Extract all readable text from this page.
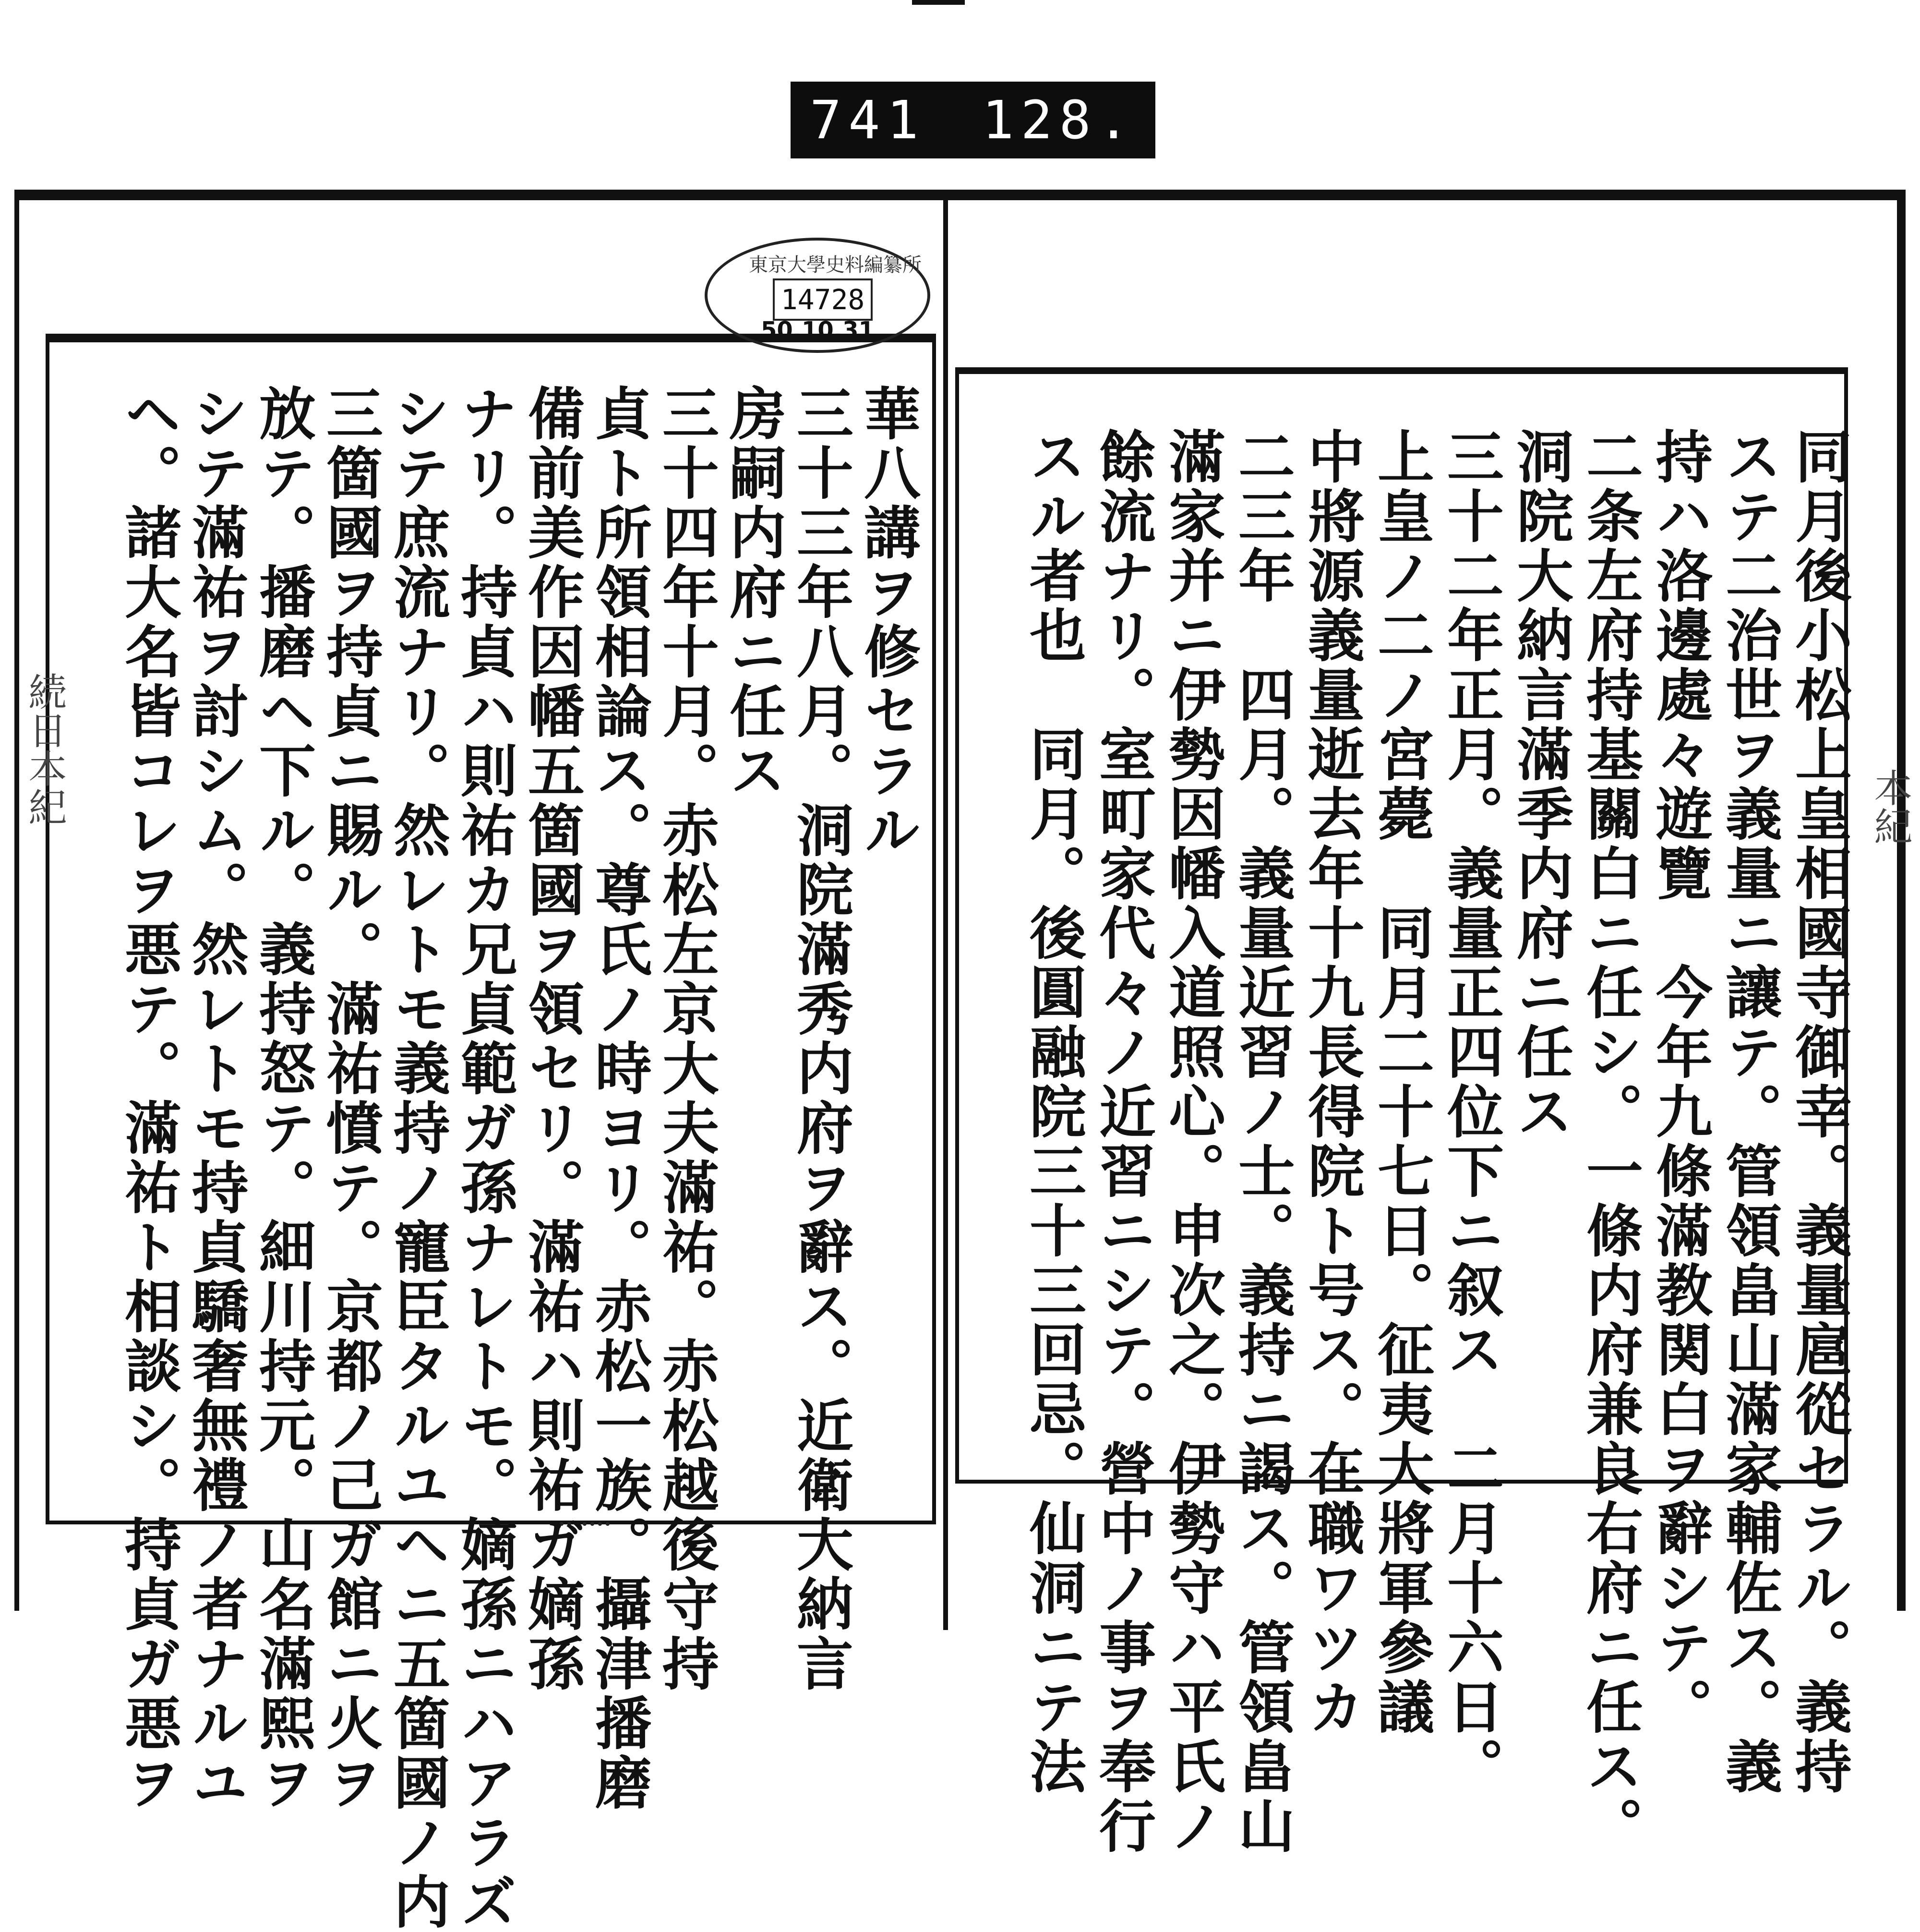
741 128.
東京大學史料編纂所
14728
50.10.31
同月後小松上皇相國寺御幸。義量扈從セラル。義持
ステ二治世ヲ義量ニ讓テ。管領畠山滿家輔佐ス。義
持ハ洛邊處々遊覽　今年九條滿教関白ヲ辭シテ。
二条左府持基關白ニ任シ。一條内府兼良右府ニ任ス。
洞院大納言滿季内府ニ任ス
三十二年正月。義量正四位下ニ叙ス　二月十六日。
上皇ノ二ノ宮薨　同月二十七日。征夷大將軍參議
中將源義量逝去年十九長得院ト号ス。在職ワツカ
二三年　四月。義量近習ノ士。義持ニ謁ス。管領畠山
滿家并ニ伊勢因幡入道照心。申次之。伊勢守ハ平氏ノ
餘流ナリ。室町家代々ノ近習ニシテ。營中ノ事ヲ奉行
スル者也　同月。後圓融院三十三回忌。仙洞ニテ法
華八講ヲ修セラル
三十三年八月。洞院滿秀内府ヲ辭ス。近衛大納言
房嗣内府ニ任ス
三十四年十月。赤松左京大夫滿祐。赤松越後守持
貞ト所領相論ス。尊氏ノ時ヨリ。赤松一族。攝津播磨
備前美作因幡五箇國ヲ領セリ。滿祐ハ則祐ガ嫡孫
ナリ。持貞ハ則祐カ兄貞範ガ孫ナレトモ。嫡孫ニハアラズ
シテ庶流ナリ。然レトモ義持ノ寵臣タルユヘニ五箇國ノ内
三箇國ヲ持貞ニ賜ル。滿祐憤テ。京都ノ己ガ館ニ火ヲ
放テ。播磨ヘ下ル。義持怒テ。細川持元。山名滿熙ヲ
シテ滿祐ヲ討シム。然レトモ持貞驕奢無禮ノ者ナルユ
ヘ。諸大名皆コレヲ悪テ。滿祐ト相談シ。持貞ガ悪ヲ
続日本紀	本紀
